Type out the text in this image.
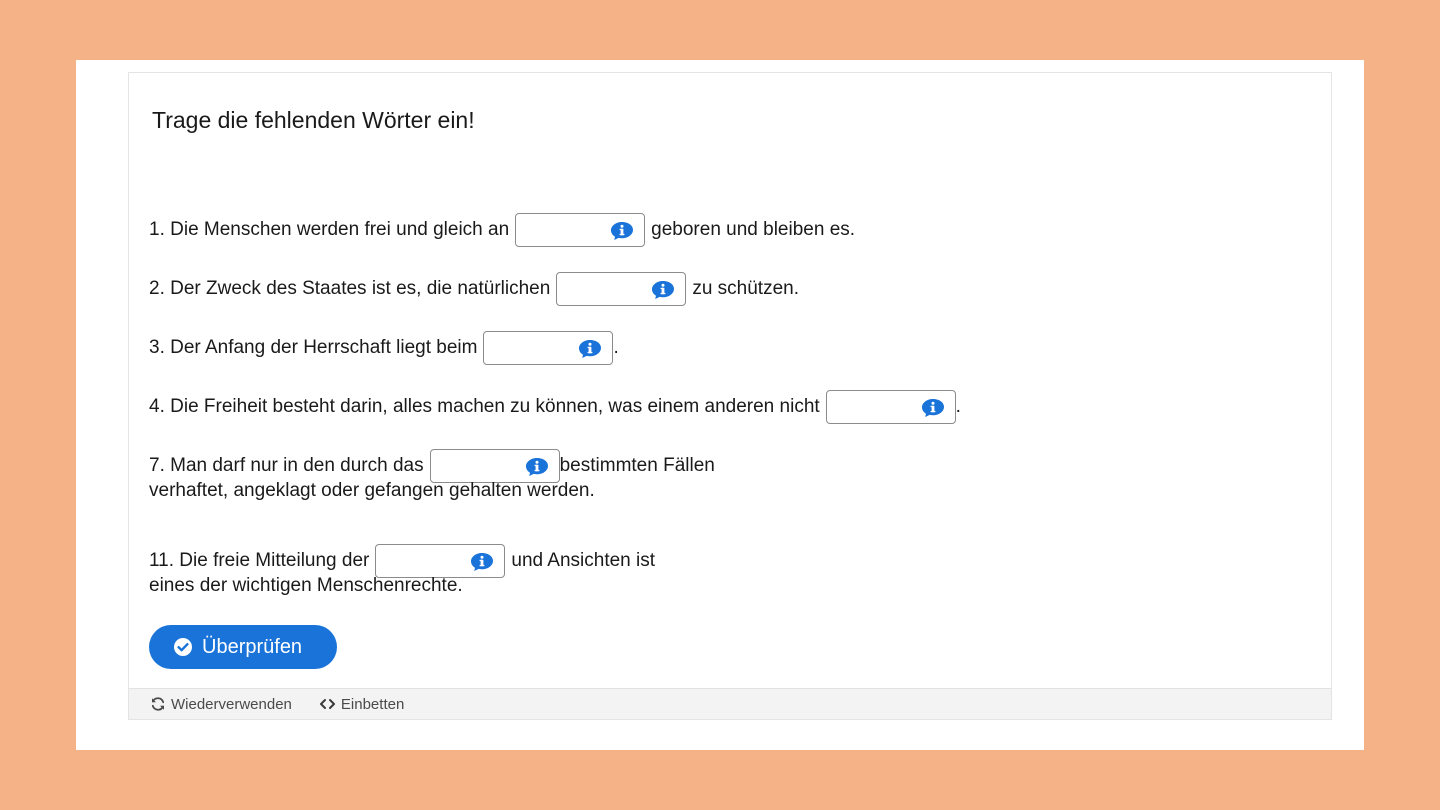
Trage die fehlenden Wörter ein!
1. Die Menschen werden frei und gleich an	geboren und bleiben es.
2. Der Zweck des Staates ist es, die natürlichen	zu schützen.
3. Der Anfang der Herrschaft liegt beim	.
4. Die Freiheit besteht darin, alles machen zu können, was einem anderen nicht	.
7. Man darf nur in den durch das	bestimmten Fällen
verhaftet, angeklagt oder gefangen gehalten werden.
11. Die freie Mitteilung der	und Ansichten ist
eines der wichtigen Menschenrechte.
Überprüfen
Wiederverwenden	Einbetten
